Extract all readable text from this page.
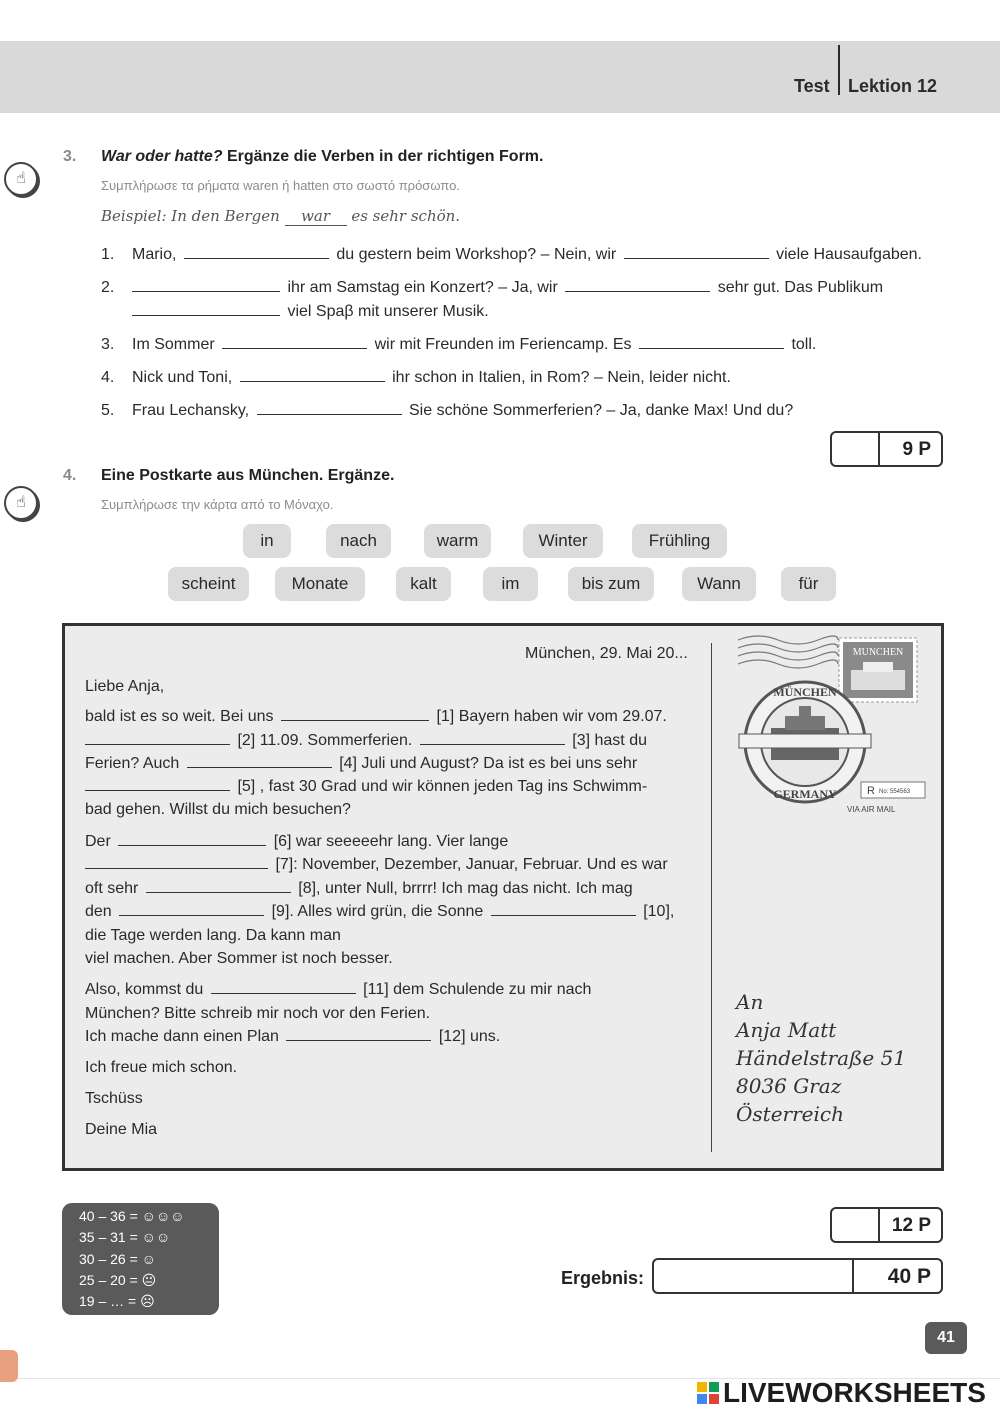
Test Lektion 12
☝
3. War oder hatte? Ergänze die Verben in der richtigen Form.
Συμπλήρωσε τα ρήματα waren ή hatten στο σωστό πρόσωπο.
Beispiel: In den Bergen war es sehr schön.
1. Mario,	du gestern beim Workshop? – Nein, wir	viele Hausaufgaben.
2.	ihr am Samstag ein Konzert? – Ja, wir	sehr gut. Das Publikum
viel Spaβ mit unserer Musik.
3. Im Sommer	wir mit Freunden im Feriencamp. Es	toll.
4. Nick und Toni,	ihr schon in Italien, in Rom? – Nein, leider nicht.
5. Frau Lechansky,	Sie schöne Sommerferien? – Ja, danke Max! Und du?
9 P
☝
4. Eine Postkarte aus München. Ergänze.
Συμπλήρωσε την κάρτα από το Μόναχο.
in	nach	warm	Winter	Frühling
scheint	Monate	kalt	im	bis zum	Wann	für
München, 29. Mai 20...
Liebe Anja,
bald ist es so weit. Bei uns	[1] Bayern haben wir vom 29.07.
[2] 11.09. Sommerferien.	[3] hast du
Ferien? Auch	[4] Juli und August? Da ist es bei uns sehr
[5] , fast 30 Grad und wir können jeden Tag ins Schwimm-
bad gehen. Willst du mich besuchen?
Der	[6] war seeeeehr lang. Vier lange
[7]: November, Dezember, Januar, Februar. Und es war
oft sehr	[8], unter Null, brrrr! Ich mag das nicht. Ich mag
den	[9]. Alles wird grün, die Sonne	[10],
die Tage werden lang. Da kann man
viel machen. Aber Sommer ist noch besser.
Also, kommst du	[11] dem Schulende zu mir nach
München? Bitte schreib mir noch vor den Ferien.
Ich mache dann einen Plan	[12] uns.
Ich freue mich schon.
Tschüss
Deine Mia
MUNCHEN
MÜNCHEN
GERMANY	R No: 554563
VIA AIR MAIL
An
Anja Matt
Händelstraße 51
8036 Graz
Österreich
12 P
40 – 36 = ☺☺☺
35 – 31 = ☺☺
30 – 26 = ☺
25 – 20 = 😐
19 – … = ☹
Ergebnis:	40 P
41
LIVEWORKSHEETS
